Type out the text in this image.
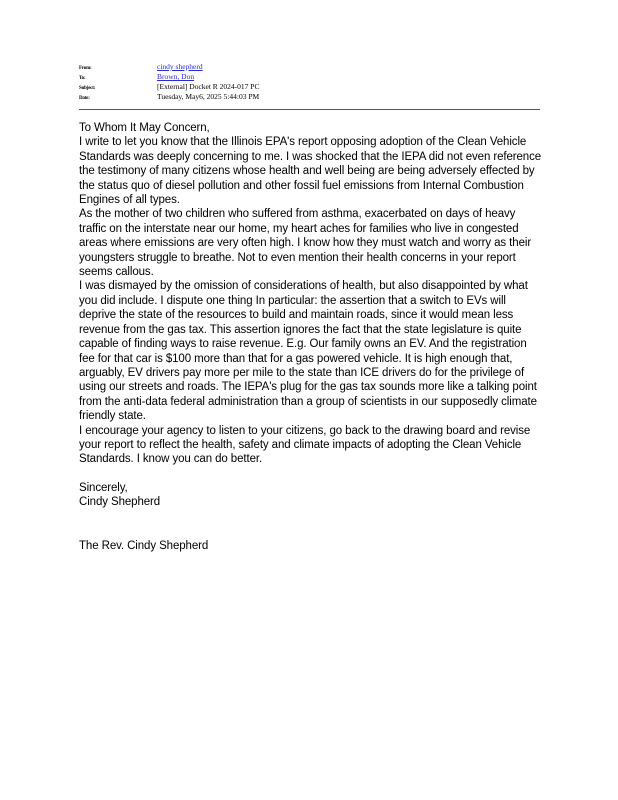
From:	cindy shepherd
To:	Brown, Don
Subject:	[External] Docket R 2024-017 PC
Date:	Tuesday, May6, 2025 5:44:03 PM

To Whom It May Concern,

I write to let you know that the Illinois EPA's report opposing adoption of the Clean Vehicle Standards was deeply concerning to me. I was shocked that the IEPA did not even reference the testimony of many citizens whose health and well being are being adversely effected by the status quo of diesel pollution and other fossil fuel emissions from Internal Combustion Engines of all types.

As the mother of two children who suffered from asthma, exacerbated on days of heavy traffic on the interstate near our home, my heart aches for families who live in congested areas where emissions are very often high. I know how they must watch and worry as their youngsters struggle to breathe. Not to even mention their health concerns in your report seems callous.

I was dismayed by the omission of considerations of health, but also disappointed by what you did include. I dispute one thing In particular: the assertion that a switch to EVs will deprive the state of the resources to build and maintain roads, since it would mean less revenue from the gas tax. This assertion ignores the fact that the state legislature is quite capable of finding ways to raise revenue. E.g. Our family owns an EV. And the registration fee for that car is $100 more than that for a gas powered vehicle. It is high enough that, arguably, EV drivers pay more per mile to the state than ICE drivers do for the privilege of using our streets and roads. The IEPA's plug for the gas tax sounds more like a talking point from the anti-data federal administration than a group of scientists in our supposedly climate friendly state.

I encourage your agency to listen to your citizens, go back to the drawing board and revise your report to reflect the health, safety and climate impacts of adopting the Clean Vehicle Standards. I know you can do better.

Sincerely,

Cindy Shepherd

The Rev. Cindy Shepherd
